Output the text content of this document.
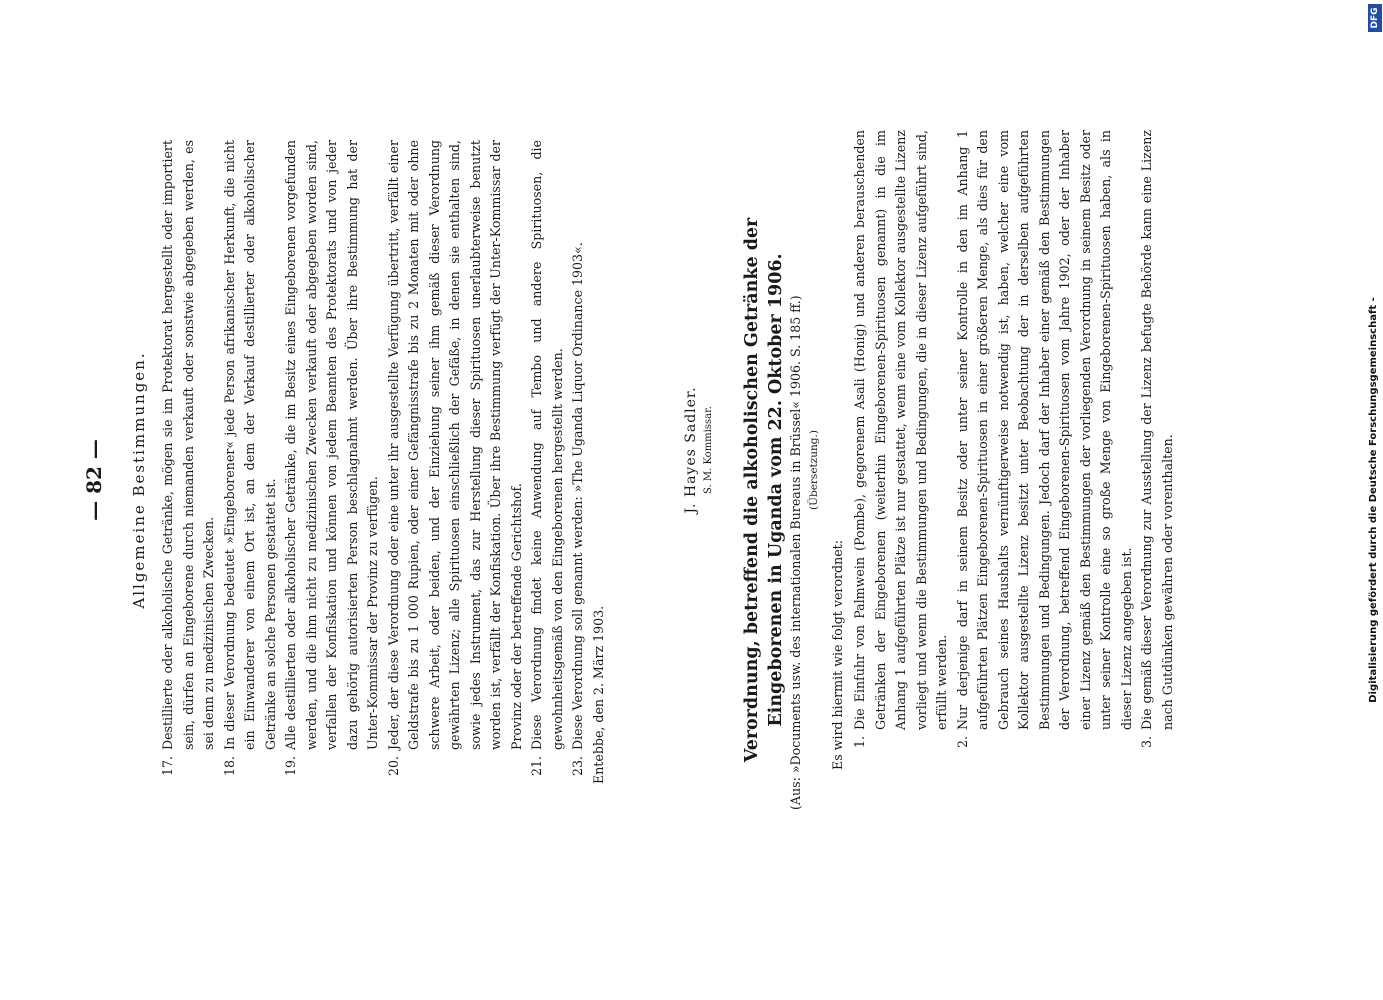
— 82 — Allgemeine Bestimmungen.
17.

Destillierte oder alkoholische Getränke, mögen sie im Protektorat hergestellt oder importiert sein, dürfen an Eingeborene durch niemanden verkauft oder sonstwie abgegeben werden, es sei denn zu medizinischen Zwecken.

18.

In dieser Verordnung bedeutet »Eingeborener« jede Person afrikanischer Herkunft, die nicht ein Einwanderer von einem Ort ist, an dem der Verkauf destillierter oder alkoholischer Getränke an solche Personen gestattet ist.

19.

Alle destillierten oder alkoholischer Getränke, die im Besitz eines Eingeborenen vorgefunden werden, und die ihm nicht zu medizinischen Zwecken verkauft oder abgegeben worden sind, verfallen der Konfiskation und können von jedem Beamten des Protektorats und von jeder dazu gehörig autorisierten Person beschlagnahmt werden. Über ihre Bestimmung hat der Unter-Kommissar der Provinz zu verfügen.

20.

Jeder, der diese Verordnung oder eine unter ihr ausgestellte Verfügung übertritt, verfällt einer Geldstrafe bis zu 1 000 Rupien, oder einer Gefängnisstrafe bis zu 2 Monaten mit oder ohne schwere Arbeit, oder beiden, und der Einziehung seiner ihm gemäß dieser Verordnung gewährten Lizenz; alle Spirituosen einschließlich der Gefäße, in denen sie enthalten sind, sowie jedes Instrument, das zur Herstellung dieser Spirituosen unerlaubterweise benutzt worden ist, verfällt der Konfiskation. Über ihre Bestimmung verfügt der Unter-Kommissar der Provinz oder der betreffende Gerichtshof.

21.

Diese Verordnung findet keine Anwendung auf Tembo und andere Spirituosen, die gewohnheitsgemäß von den Eingeborenen hergestellt werden.

23.

Diese Verordnung soll genannt werden: »The Uganda Liquor Ordinance 1903«. Entebbe, den 2. März 1903.

J. Hayes Sadler. S. M. Kommissar. Verordnung, betreffend die alkoholischen Getränke der Eingeborenen in Uganda vom 22. Oktober 1906. (Aus: »Documents usw. des internationalen Bureaus in Brüssel« 1906. S. 185 ff.) (Übersetzung.)
Es wird hiermit wie folgt verordnet: 1.

Die Einfuhr von Palmwein (Pombe), gegorenem Asali (Honig) und anderen berauschenden Getränken der Eingeborenen (weiterhin Eingeborenen-Spirituosen genannt) in die im Anhang 1 aufgeführten Plätze ist nur gestattet, wenn eine vom Kollektor ausgestellte Lizenz vorliegt und wenn die Bestimmungen und Bedingungen, die in dieser Lizenz aufgeführt sind, erfüllt werden.

2.

Nur derjenige darf in seinem Besitz oder unter seiner Kontrolle in den im Anhang 1 aufgeführten Plätzen Eingeborenen-Spirituosen in einer größeren Menge, als dies für den Gebrauch seines Haushalts vernünftigerweise notwendig ist, haben, welcher eine vom Kollektor ausgestellte Lizenz besitzt unter Beobachtung der in derselben aufgeführten Bestimmungen und Bedingungen. Jedoch darf der Inhaber einer gemäß den Bestimmungen der Verordnung, betreffend Eingeborenen-Spirituosen vom Jahre 1902, oder der Inhaber einer Lizenz gemäß den Bestimmungen der vorliegenden Verordnung in seinem Besitz oder unter seiner Kontrolle eine so große Menge von Eingeborenen-Spirituosen haben, als in dieser Lizenz angegeben ist.

3.

Die gemäß dieser Verordnung zur Ausstellung der Lizenz befugte Behörde kann eine Lizenz nach Gutdünken gewähren oder vorenthalten.	Digitalisierung gefördert durch die Deutsche Forschungsgemeinschaft -
DFG
